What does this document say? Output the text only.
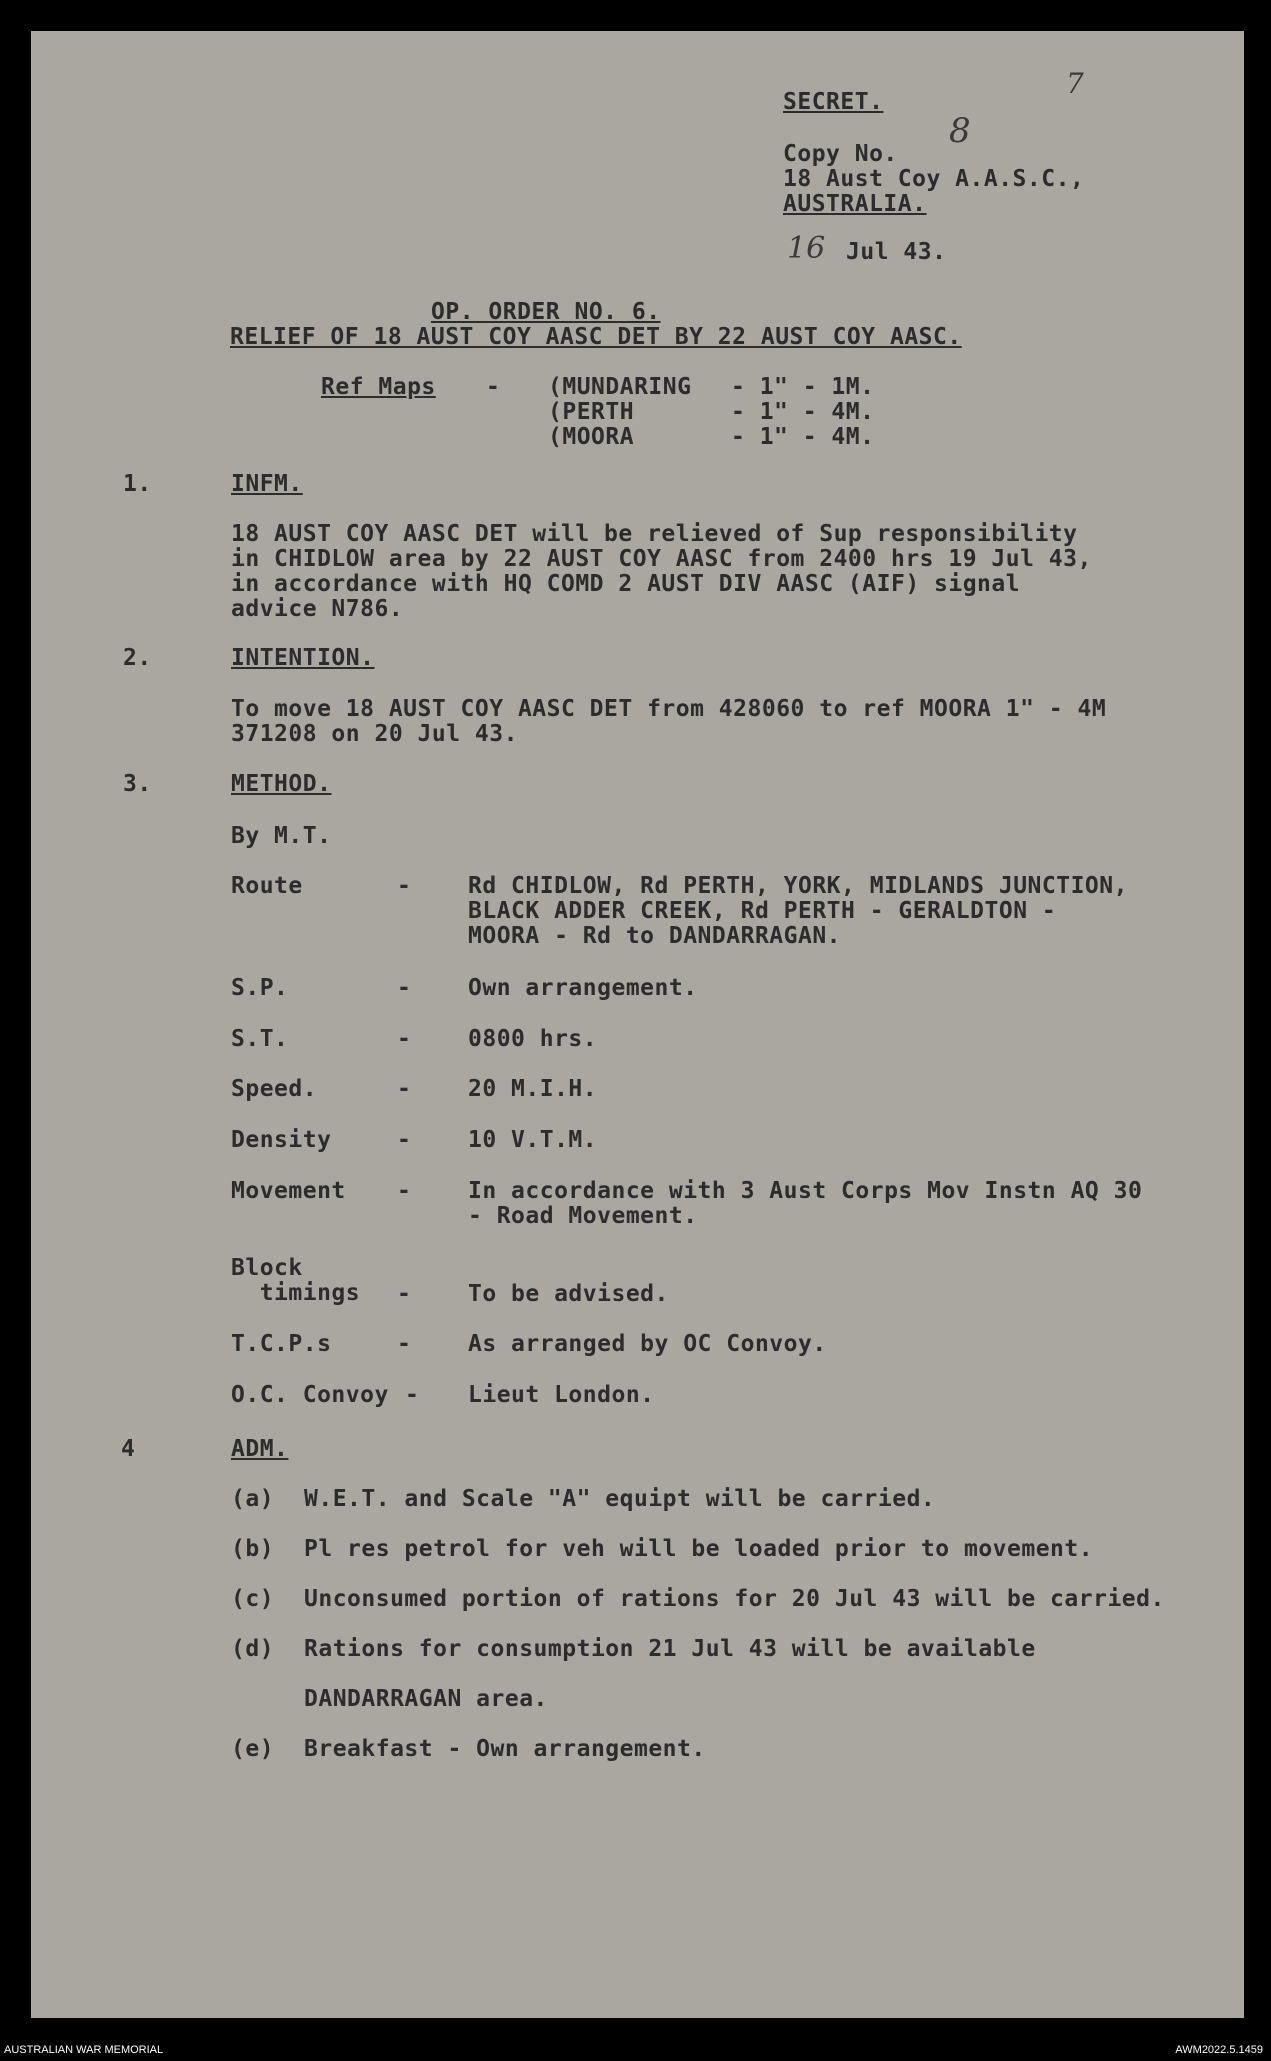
7
SECRET.
Copy No.
8
18 Aust Coy A.A.S.C.,
AUSTRALIA.
16 Jul 43.
OP. ORDER NO. 6.
RELIEF OF 18 AUST COY AASC DET BY 22 AUST COY AASC.
Ref Maps - (MUNDARING - 1" - 1M.
(PERTH	- 1" - 4M.
(MOORA	- 1" - 4M.
1.	INFM.
18 AUST COY AASC DET will be relieved of Sup responsibility
in CHIDLOW area by 22 AUST COY AASC from 2400 hrs 19 Jul 43,
in accordance with HQ COMD 2 AUST DIV AASC (AIF) signal
advice N786.
2.	INTENTION.
To move 18 AUST COY AASC DET from 428060 to ref MOORA 1" - 4M
371208 on 20 Jul 43.
3.	METHOD.
By M.T.
Route	- Rd CHIDLOW, Rd PERTH, YORK, MIDLANDS JUNCTION,
BLACK ADDER CREEK, Rd PERTH - GERALDTON -
MOORA - Rd to DANDARRAGAN.
S.P.	- Own arrangement.
S.T.	- 0800 hrs.
Speed.	- 20 M.I.H.
Density	- 10 V.T.M.
Movement - In accordance with 3 Aust Corps Mov Instn AQ 30
- Road Movement.
Block
timings - To be advised.
T.C.P.s	- As arranged by OC Convoy.
O.C. Convoy - Lieut London.
4	ADM.
(a) W.E.T. and Scale "A" equipt will be carried.
(b) Pl res petrol for veh will be loaded prior to movement.
(c) Unconsumed portion of rations for 20 Jul 43 will be carried.
(d) Rations for consumption 21 Jul 43 will be available
DANDARRAGAN area.
(e) Breakfast - Own arrangement.
AUSTRALIAN WAR MEMORIAL	AWM2022.5.1459
